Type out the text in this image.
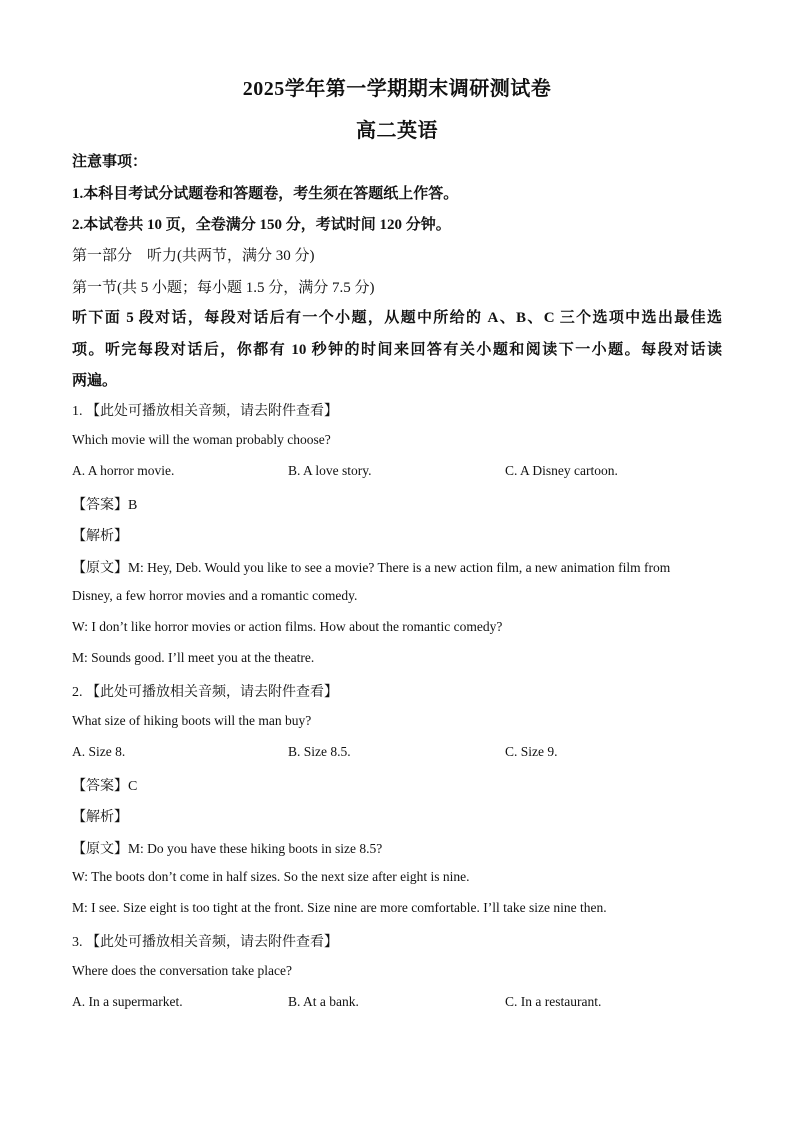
2025学年第一学期期末调研测试卷
高二英语
注意事项：
1.本科目考试分试题卷和答题卷，考生须在答题纸上作答。
2.本试卷共 10 页，全卷满分 150 分，考试时间 120 分钟。
第一部分　听力(共两节，满分 30 分)
第一节(共 5 小题；每小题 1.5 分，满分 7.5 分)
听下面 5 段对话，每段对话后有一个小题，从题中所给的 A、B、C 三个选项中选出最佳选
项。听完每段对话后，你都有 10 秒钟的时间来回答有关小题和阅读下一小题。每段对话读
两遍。
1. 【此处可播放相关音频，请去附件查看】
Which movie will the woman probably choose?
A. A horror movie.	B. A love story.	C. A Disney cartoon.
【答案】B
【解析】
【原文】M: Hey, Deb. Would you like to see a movie? There is a new action film, a new animation film from
Disney, a few horror movies and a romantic comedy.
W: I don’t like horror movies or action films. How about the romantic comedy?
M: Sounds good. I’ll meet you at the theatre.
2. 【此处可播放相关音频，请去附件查看】
What size of hiking boots will the man buy?
A. Size 8.	B. Size 8.5.	C. Size 9.
【答案】C
【解析】
【原文】M: Do you have these hiking boots in size 8.5?
W: The boots don’t come in half sizes. So the next size after eight is nine.
M: I see. Size eight is too tight at the front. Size nine are more comfortable. I’ll take size nine then.
3. 【此处可播放相关音频，请去附件查看】
Where does the conversation take place?
A. In a supermarket.	B. At a bank.	C. In a restaurant.
